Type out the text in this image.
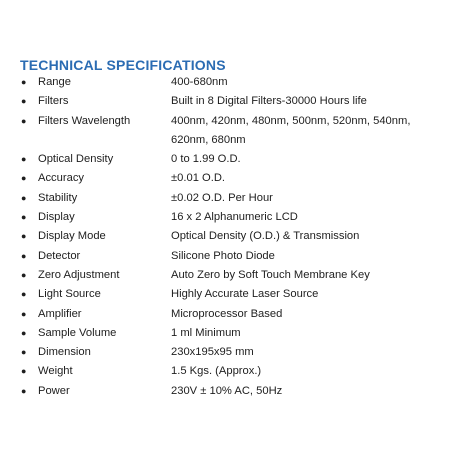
TECHNICAL SPECIFICATIONS
● Range	400-680nm
● Filters	Built in 8 Digital Filters-30000 Hours life
● Filters Wavelength	400nm, 420nm, 480nm, 500nm, 520nm, 540nm, 620nm, 680nm
● Optical Density	0 to 1.99 O.D.
● Accuracy	±0.01 O.D.
● Stability	±0.02 O.D. Per Hour
● Display	16 x 2 Alphanumeric LCD
● Display Mode	Optical Density (O.D.) & Transmission
● Detector	Silicone Photo Diode
● Zero Adjustment	Auto Zero by Soft Touch Membrane Key
● Light Source	Highly Accurate Laser Source
● Amplifier	Microprocessor Based
● Sample Volume	1 ml Minimum
● Dimension	230x195x95 mm
● Weight	1.5 Kgs. (Approx.)
● Power	230V ± 10% AC, 50Hz
